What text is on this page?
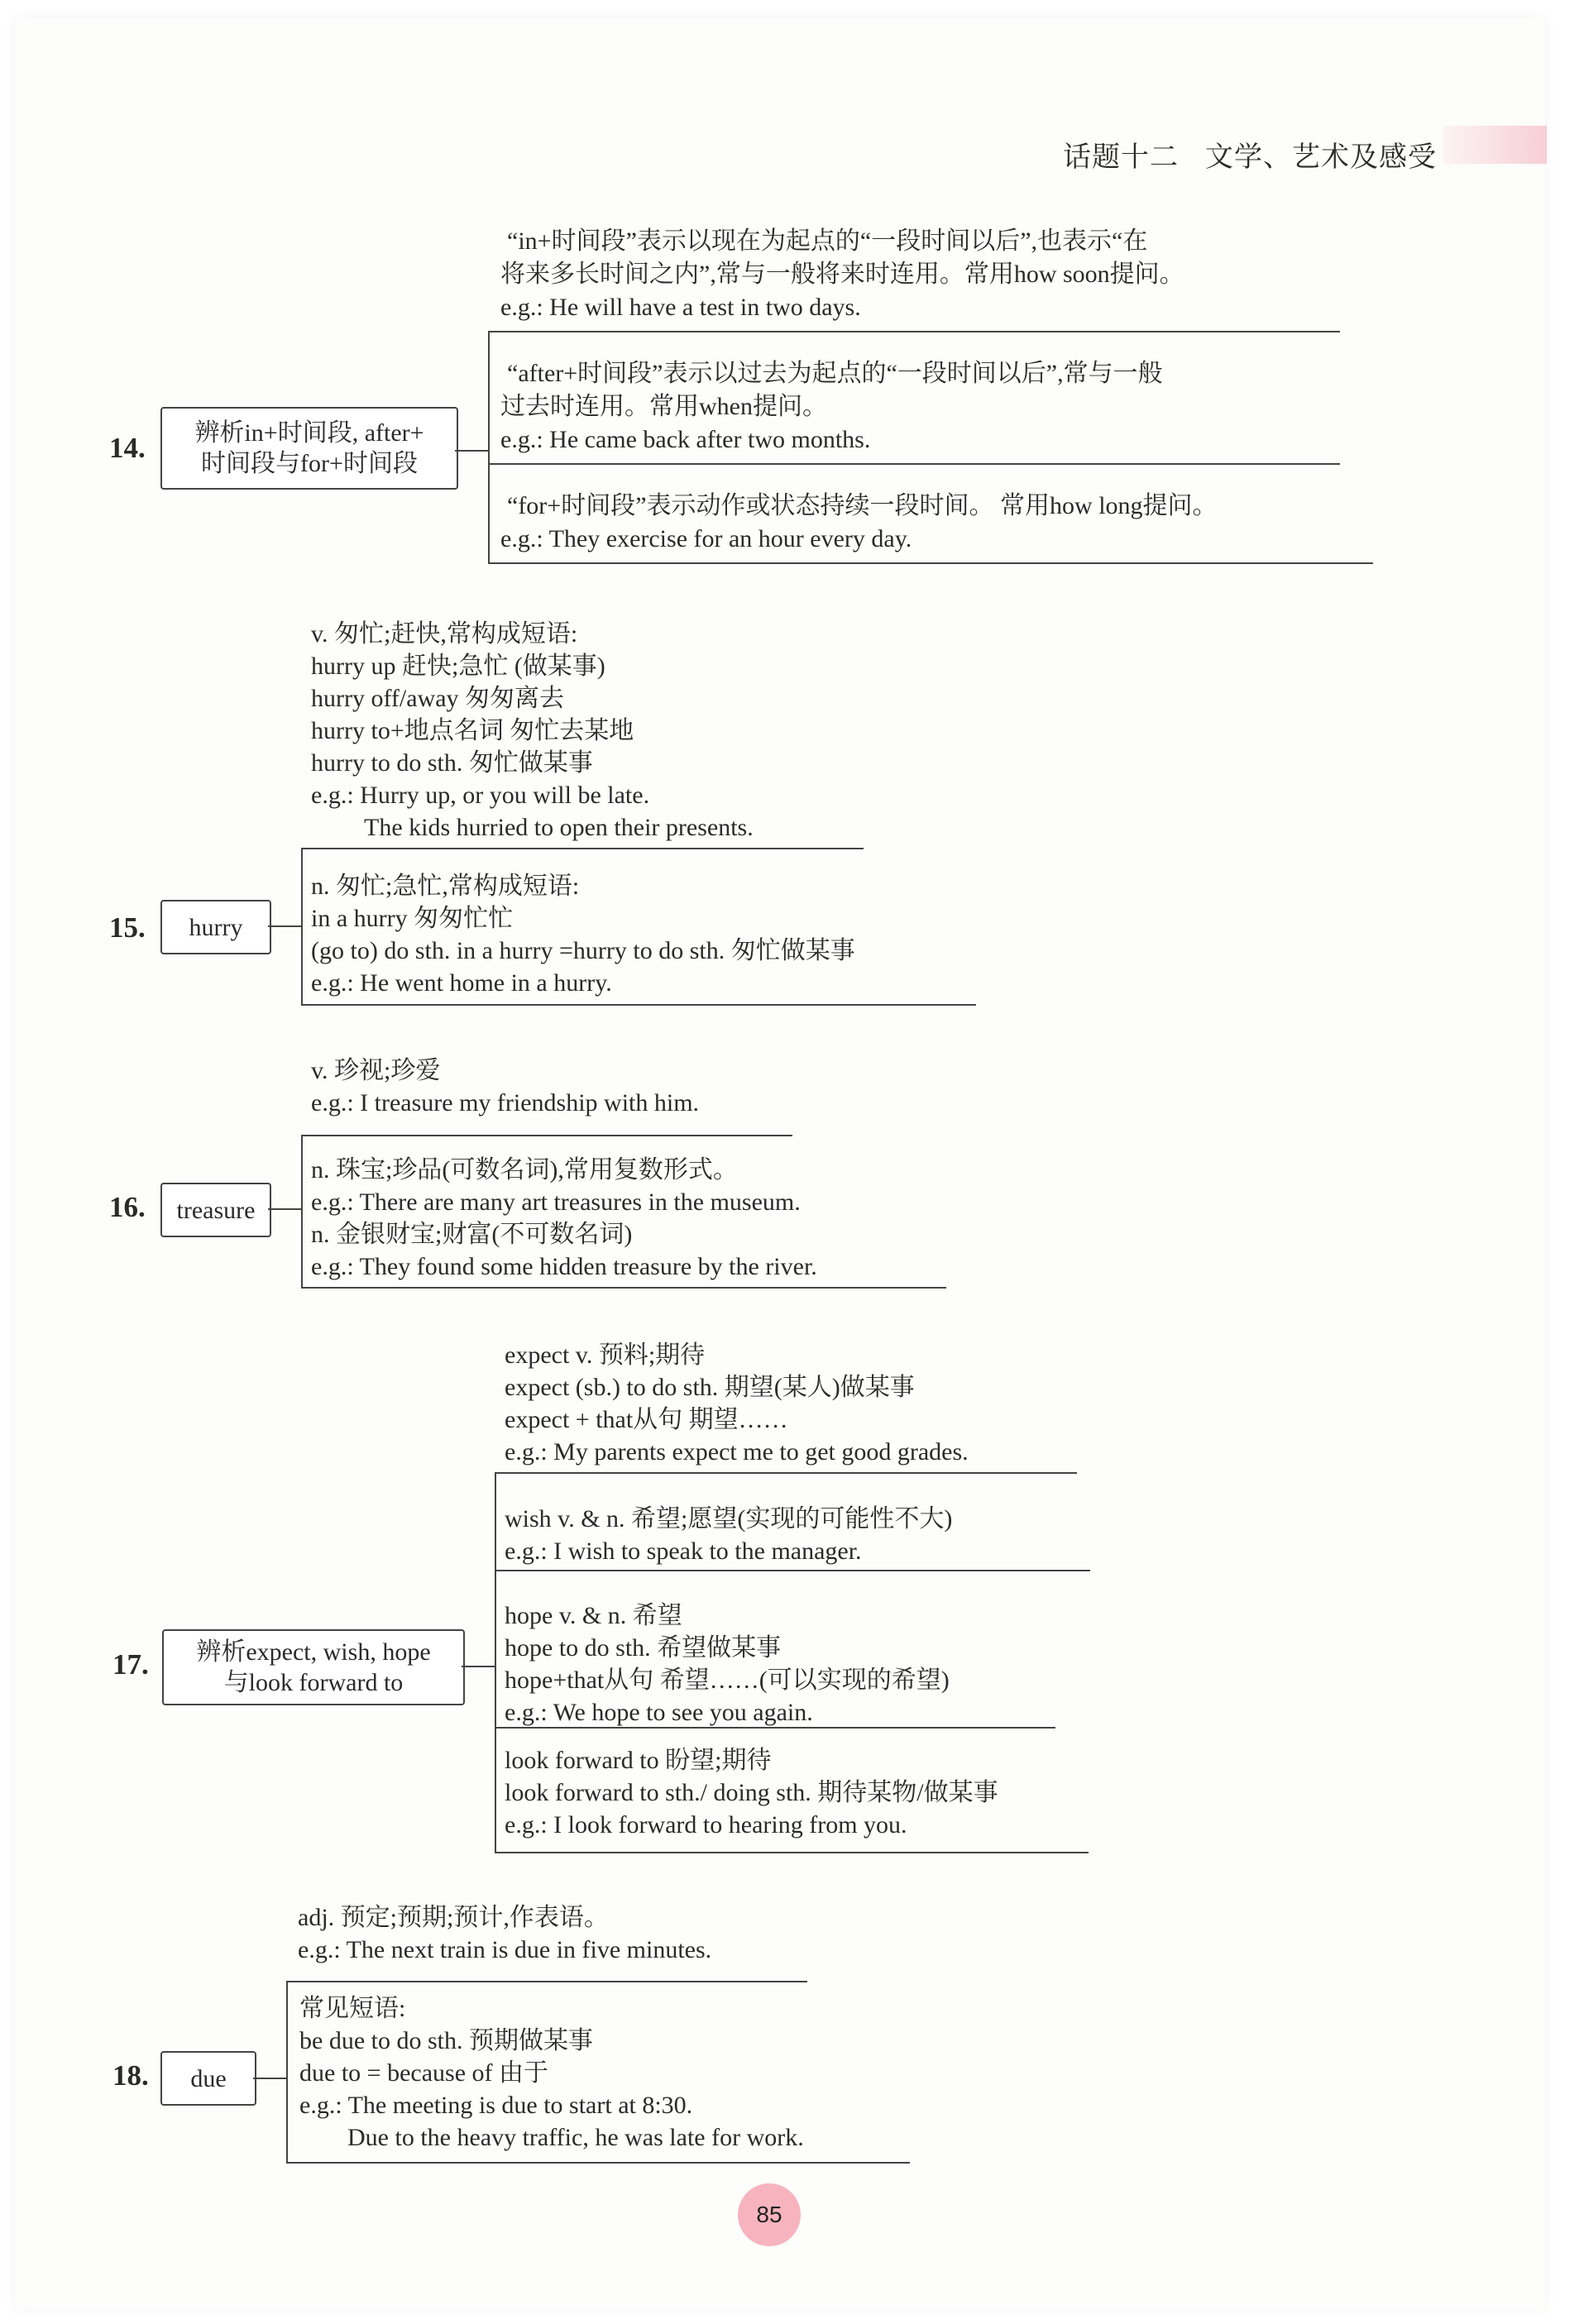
话题十二 文学、艺术及感受
14. 辨析in+时间段, after+
时间段与for+时间段
“in+时间段”表示以现在为起点的“一段时间以后”,也表示“在
将来多长时间之内”,常与一般将来时连用。常用how soon提问。
e.g.: He will have a test in two days.
“after+时间段”表示以过去为起点的“一段时间以后”,常与一般
过去时连用。常用when提问。
e.g.: He came back after two months.
“for+时间段”表示动作或状态持续一段时间。 常用how long提问。
e.g.: They exercise for an hour every day.
15. hurry
v. 匆忙;赶快,常构成短语:
hurry up 赶快;急忙 (做某事)
hurry off/away 匆匆离去
hurry to+地点名词 匆忙去某地
hurry to do sth. 匆忙做某事
e.g.: Hurry up, or you will be late.
The kids hurried to open their presents.
n. 匆忙;急忙,常构成短语:
in a hurry 匆匆忙忙
(go to) do sth. in a hurry =hurry to do sth. 匆忙做某事
e.g.: He went home in a hurry.
16. treasure
v. 珍视;珍爱
e.g.: I treasure my friendship with him.
n. 珠宝;珍品(可数名词),常用复数形式。
e.g.: There are many art treasures in the museum.
n. 金银财宝;财富(不可数名词)
e.g.: They found some hidden treasure by the river.
17. 辨析expect, wish, hope
与look forward to
expect v. 预料;期待
expect (sb.) to do sth. 期望(某人)做某事
expect + that从句 期望……
e.g.: My parents expect me to get good grades.
wish v. & n. 希望;愿望(实现的可能性不大)
e.g.: I wish to speak to the manager.
hope v. & n. 希望
hope to do sth. 希望做某事
hope+that从句 希望……(可以实现的希望)
e.g.: We hope to see you again.
look forward to 盼望;期待
look forward to sth./ doing sth. 期待某物/做某事
e.g.: I look forward to hearing from you.
18. due
adj. 预定;预期;预计,作表语。
e.g.: The next train is due in five minutes.
常见短语:
be due to do sth. 预期做某事
due to = because of 由于
e.g.: The meeting is due to start at 8:30.
Due to the heavy traffic, he was late for work.
85
